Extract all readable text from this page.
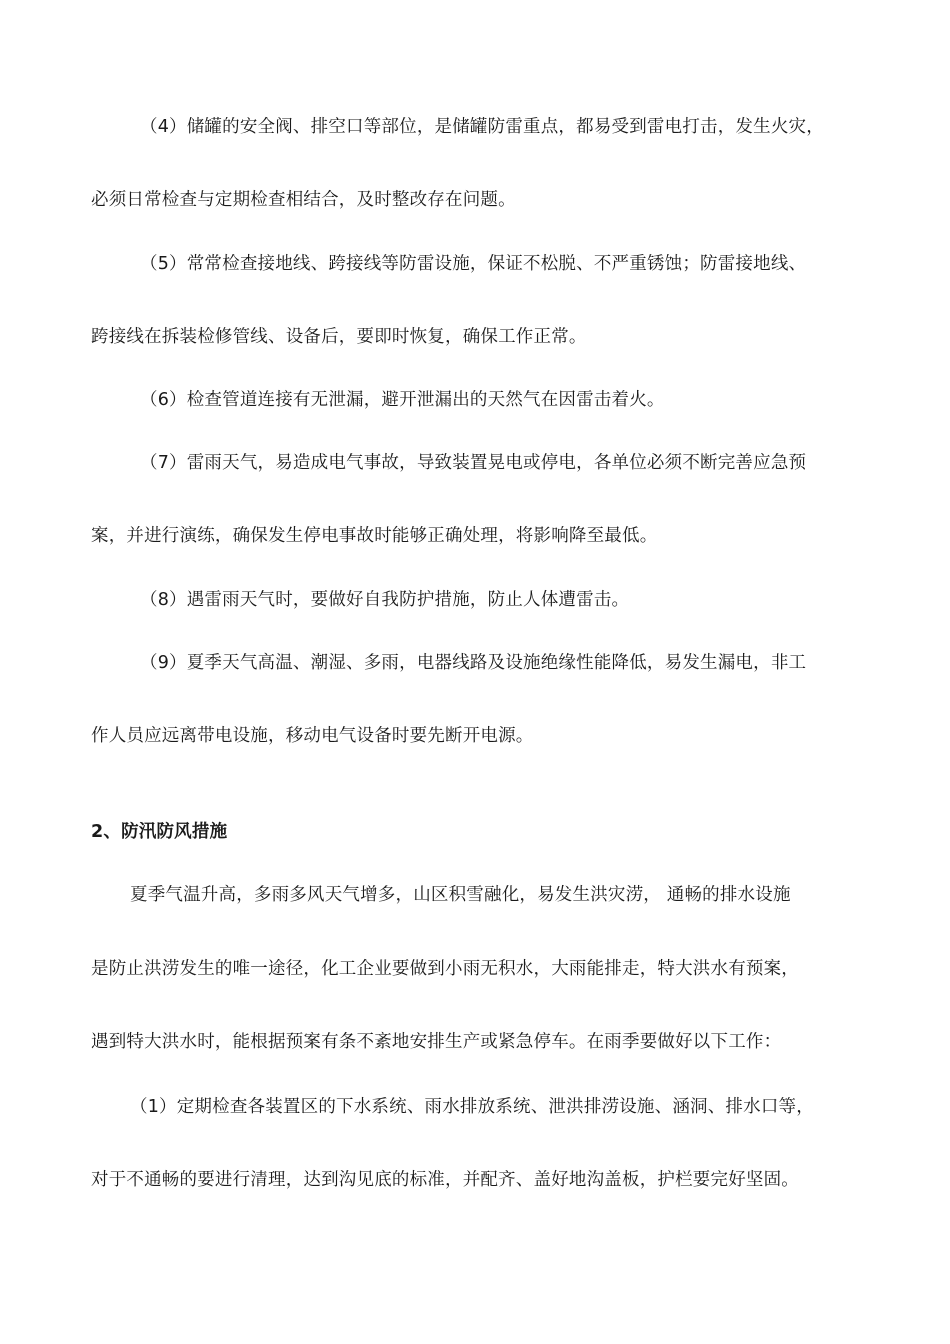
（4）储罐的安全阀、排空口等部位，是储罐防雷重点，都易受到雷电打击，发生火灾，
必须日常检查与定期检查相结合，及时整改存在问题。
（5）常常检查接地线、跨接线等防雷设施，保证不松脱、不严重锈蚀；防雷接地线、
跨接线在拆装检修管线、设备后，要即时恢复，确保工作正常。
（6）检查管道连接有无泄漏，避开泄漏出的天然气在因雷击着火。
（7）雷雨天气，易造成电气事故，导致装置晃电或停电，各单位必须不断完善应急预
案，并进行演练，确保发生停电事故时能够正确处理，将影响降至最低。
（8）遇雷雨天气时，要做好自我防护措施，防止人体遭雷击。
（9）夏季天气高温、潮湿、多雨，电器线路及设施绝缘性能降低，易发生漏电，非工
作人员应远离带电设施，移动电气设备时要先断开电源。
2、防汛防风措施
夏季气温升高，多雨多风天气增多，山区积雪融化，易发生洪灾涝， 通畅的排水设施
是防止洪涝发生的唯一途径，化工企业要做到小雨无积水，大雨能排走，特大洪水有预案，
遇到特大洪水时，能根据预案有条不紊地安排生产或紧急停车。在雨季要做好以下工作：
（1）定期检查各装置区的下水系统、雨水排放系统、泄洪排涝设施、涵洞、排水口等，
对于不通畅的要进行清理，达到沟见底的标准，并配齐、盖好地沟盖板，护栏要完好坚固。
